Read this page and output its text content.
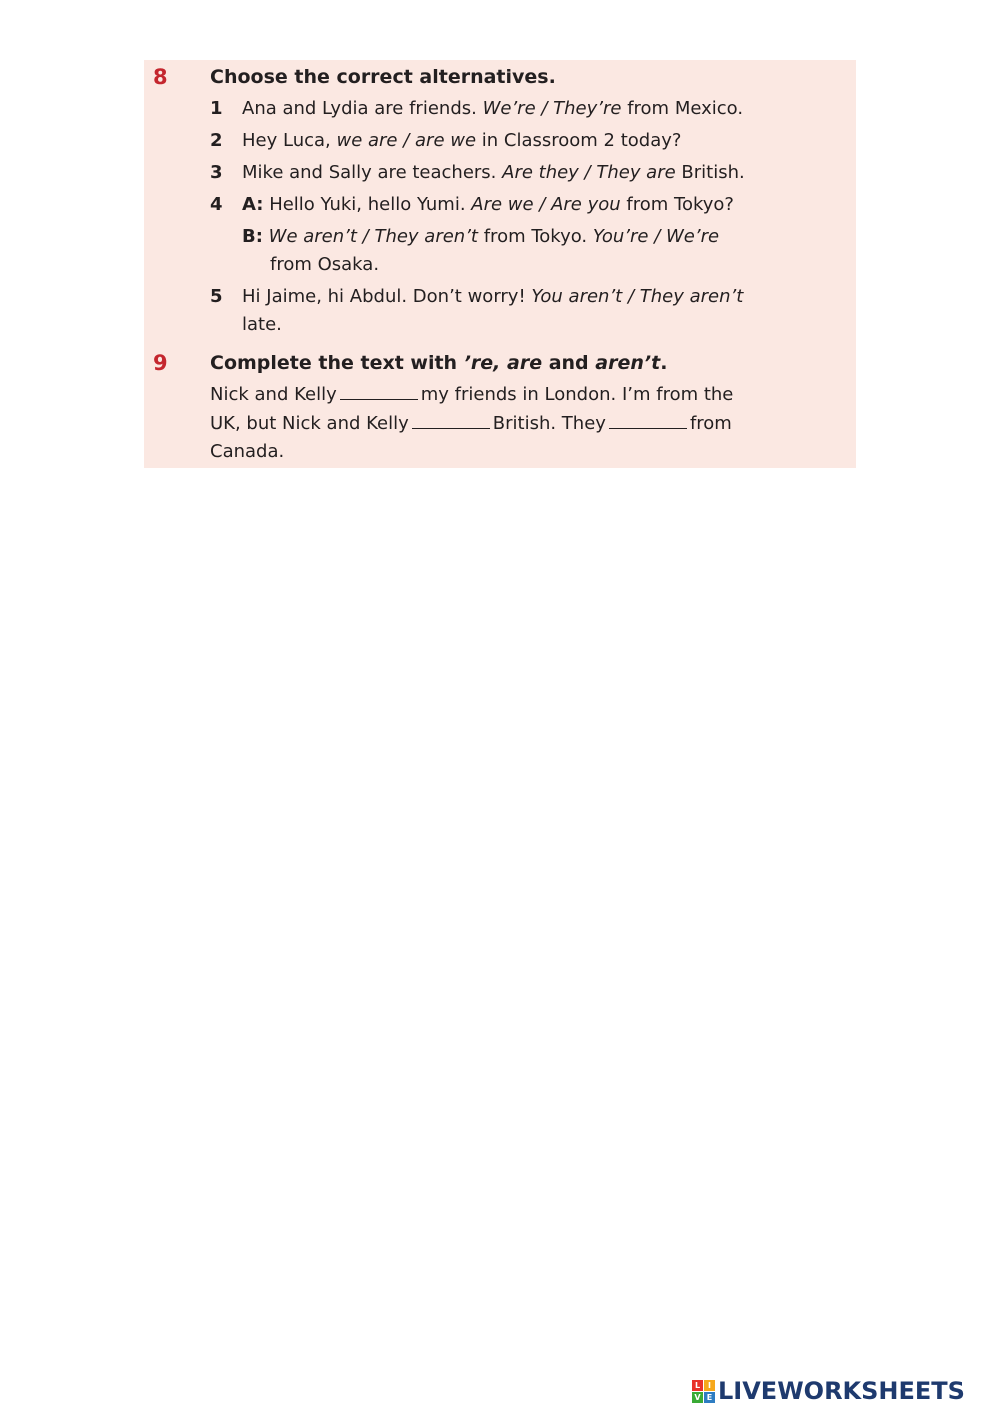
8 Choose the correct alternatives.
1 Ana and Lydia are friends. We’re / They’re from Mexico.
2 Hey Luca, we are / are we in Classroom 2 today?
3 Mike and Sally are teachers. Are they / They are British.
4 A: Hello Yuki, hello Yumi. Are we / Are you from Tokyo?
B: We aren’t / They aren’t from Tokyo. You’re / We’re
from Osaka.
5 Hi Jaime, hi Abdul. Don’t worry! You aren’t / They aren’t
late.
9 Complete the text with ’re, are and aren’t.
Nick and Kelly	my friends in London. I’m from the
UK, but Nick and Kelly	British. They	from
Canada.
L I
V E LIVEWORKSHEETS
